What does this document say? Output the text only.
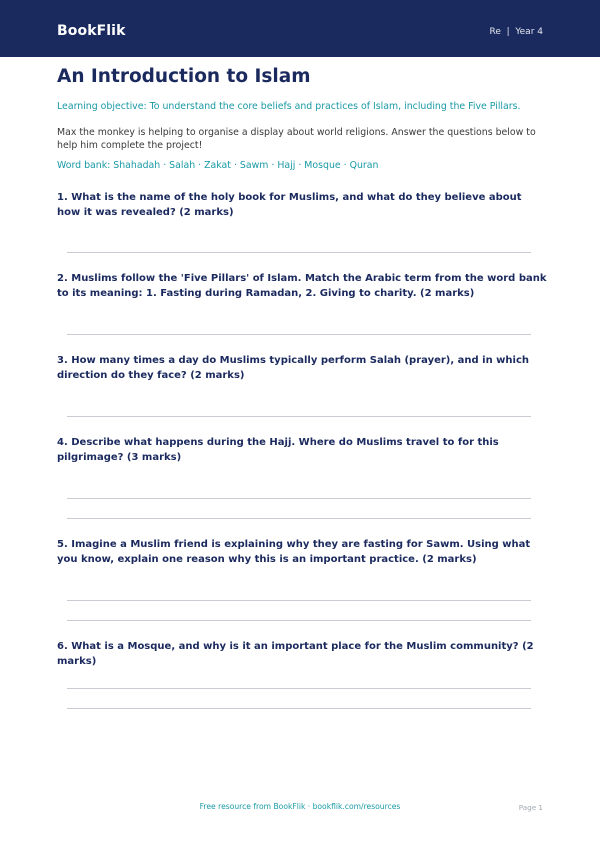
BookFlik	Re  |  Year 4
An Introduction to Islam
Learning objective: To understand the core beliefs and practices of Islam, including the Five Pillars.
Max the monkey is helping to organise a display about world religions. Answer the questions below to help him complete the project!
Word bank: Shahadah · Salah · Zakat · Sawm · Hajj · Mosque · Quran
1. What is the name of the holy book for Muslims, and what do they believe about how it was revealed? (2 marks)
2. Muslims follow the 'Five Pillars' of Islam. Match the Arabic term from the word bank to its meaning: 1. Fasting during Ramadan, 2. Giving to charity. (2 marks)
3. How many times a day do Muslims typically perform Salah (prayer), and in which direction do they face? (2 marks)
4. Describe what happens during the Hajj. Where do Muslims travel to for this pilgrimage? (3 marks)
5. Imagine a Muslim friend is explaining why they are fasting for Sawm. Using what you know, explain one reason why this is an important practice. (2 marks)
6. What is a Mosque, and why is it an important place for the Muslim community? (2 marks)
Free resource from BookFlik · bookflik.com/resources	Page 1
